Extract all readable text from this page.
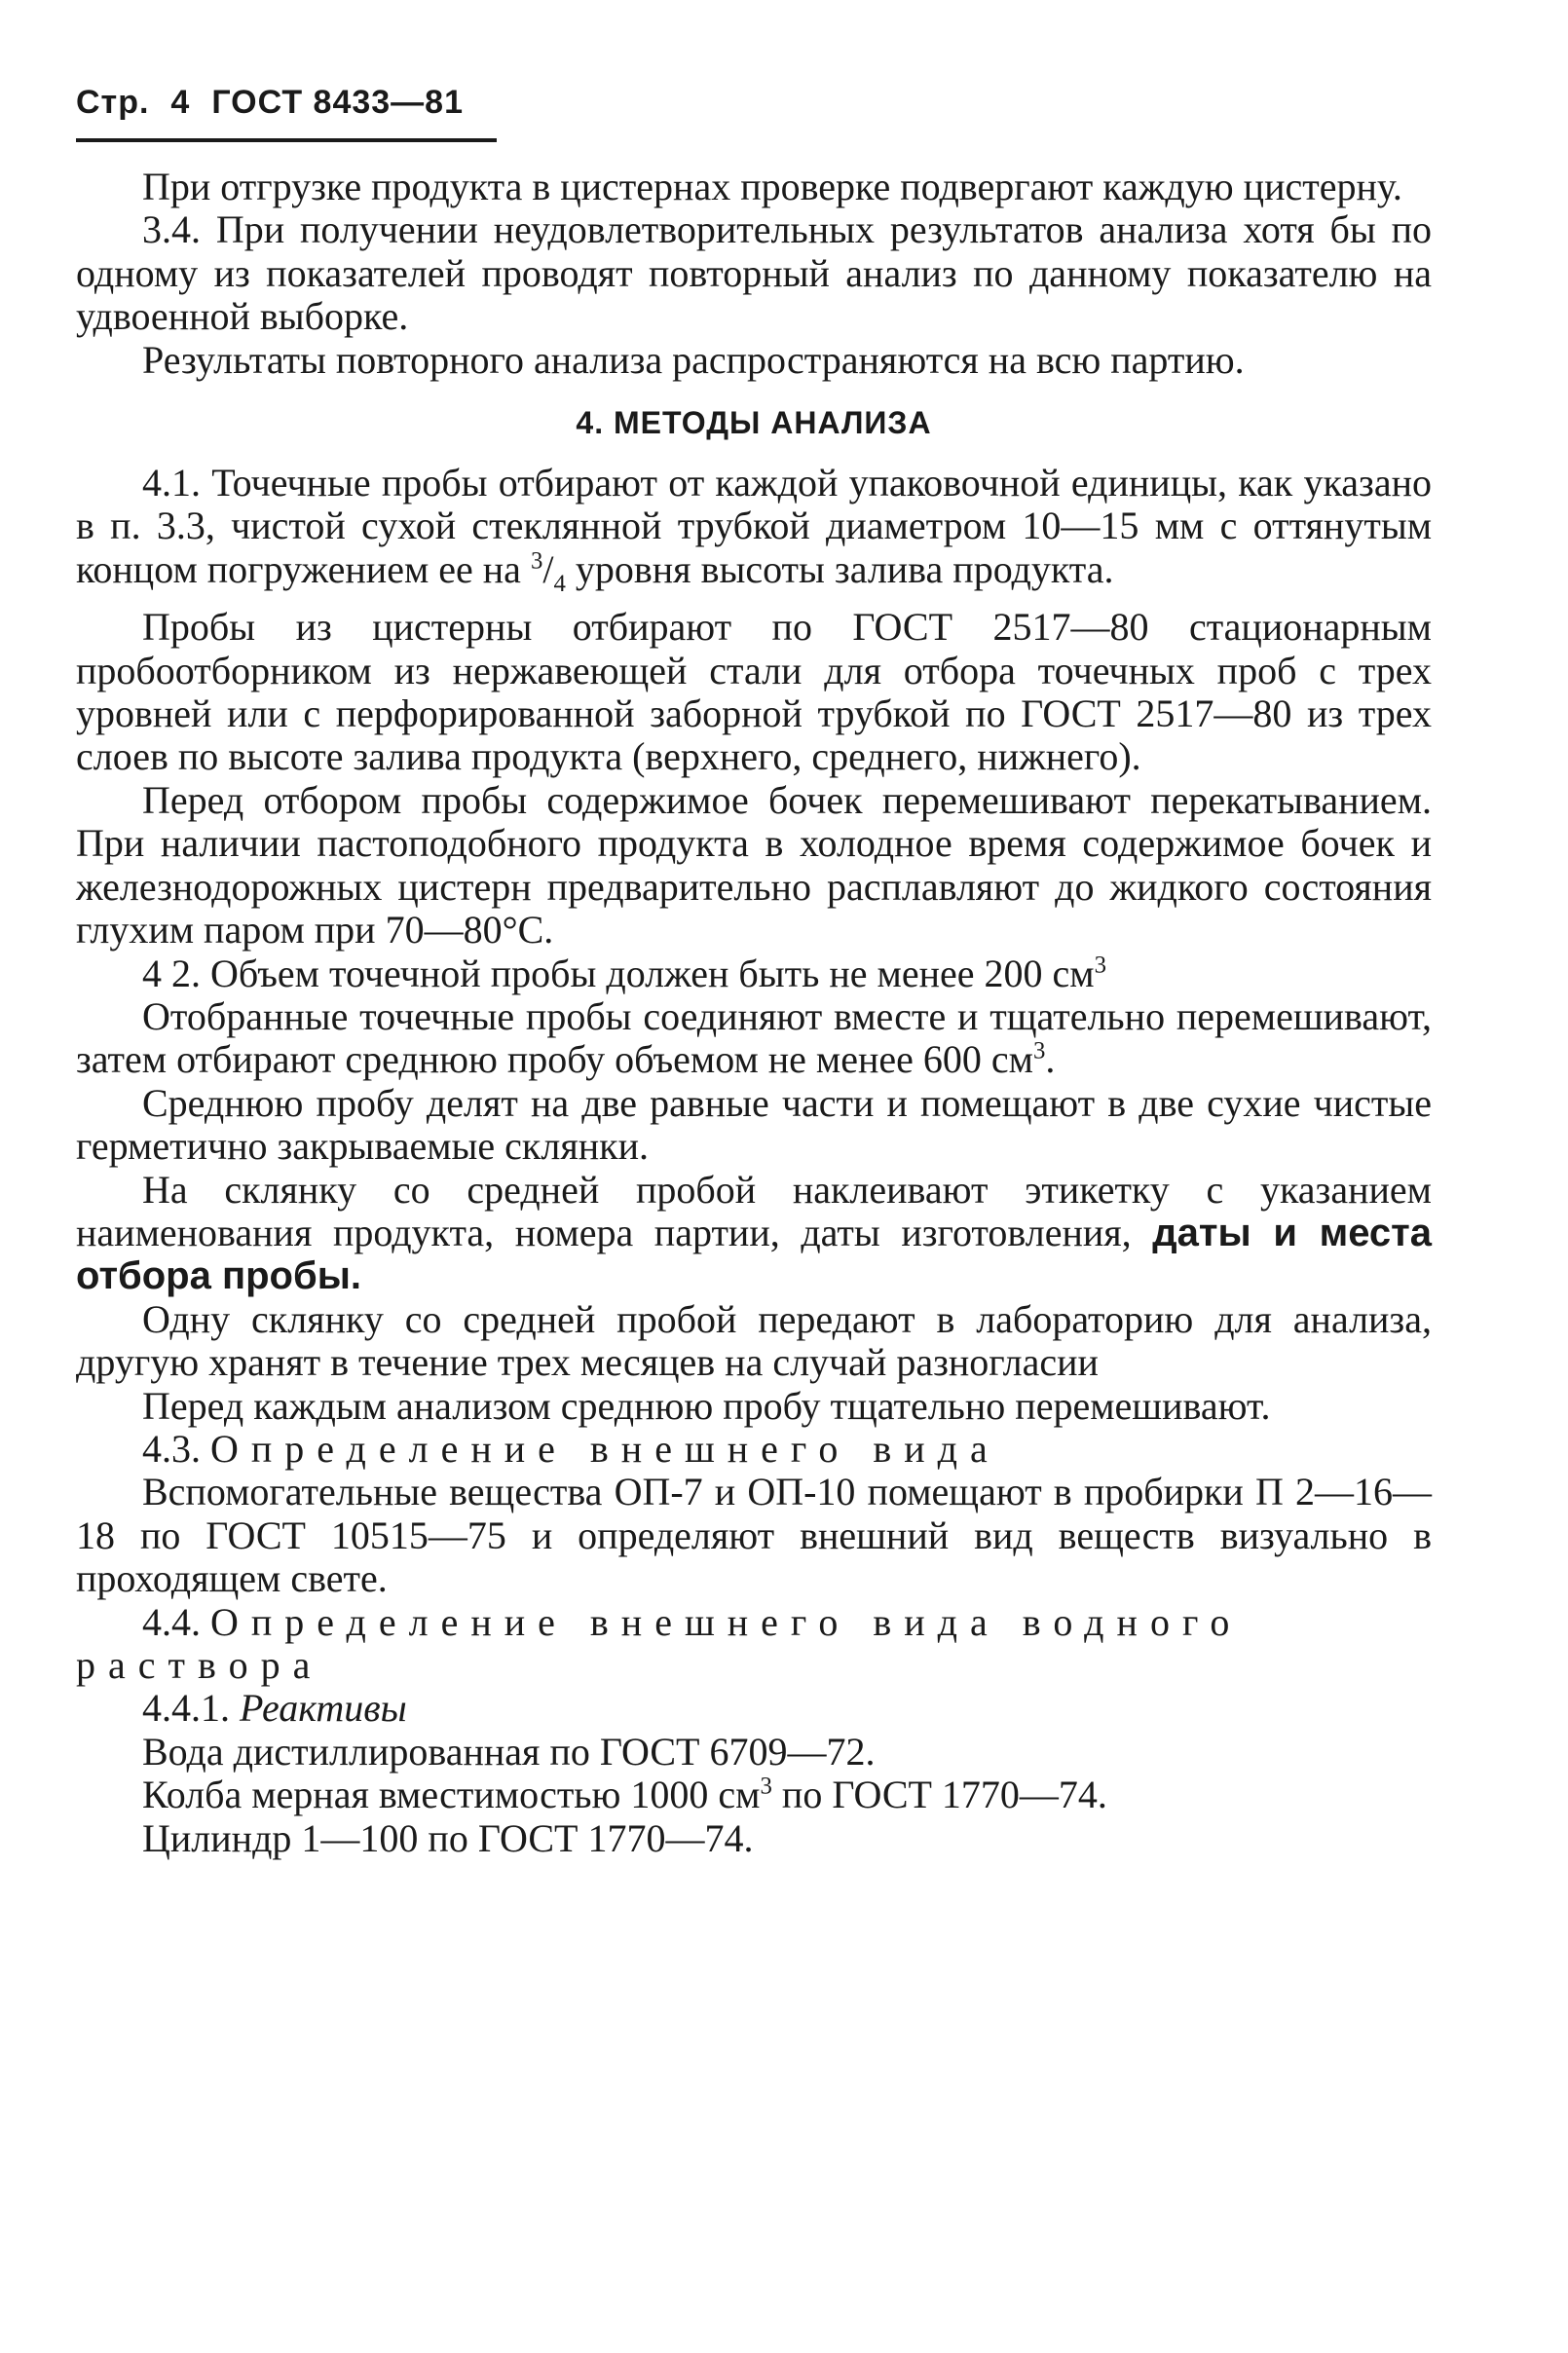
Стр. 4 ГОСТ 8433—81

При отгрузке продукта в цистернах проверке подвергают каждую цистерну.

3.4. При получении неудовлетворительных результатов анализа хотя бы по одному из показателей проводят повторный анализ по данному показателю на удвоенной выборке.

Результаты повторного анализа распространяются на всю партию.

4. МЕТОДЫ АНАЛИЗА

4.1. Точечные пробы отбирают от каждой упаковочной единицы, как указано в п. 3.3, чистой сухой стеклянной трубкой диаметром 10—15 мм с оттянутым концом погружением ее на $^3/_4$ уровня высоты залива продукта.

Пробы из цистерны отбирают по ГОСТ 2517—80 стационарным пробоотборником из нержавеющей стали для отбора точечных проб с трех уровней или с перфорированной заборной трубкой по ГОСТ 2517—80 из трех слоев по высоте залива продукта (верхнего, среднего, нижнего).

Перед отбором пробы содержимое бочек перемешивают перекатыванием. При наличии пастоподобного продукта в холодное время содержимое бочек и железнодорожных цистерн предварительно расплавляют до жидкого состояния глухим паром при 70—80°С.

4 2. Объем точечной пробы должен быть не менее 200 $см^3$

Отобранные точечные пробы соединяют вместе и тщательно перемешивают, затем отбирают среднюю пробу объемом не менее 600 $см^3$.

Среднюю пробу делят на две равные части и помещают в две сухие чистые герметично закрываемые склянки.

На склянку со средней пробой наклеивают этикетку с указанием наименования продукта, номера партии, даты изготовления, даты и места отбора пробы.

Одну склянку со средней пробой передают в лабораторию для анализа, другую хранят в течение трех месяцев на случай разногласии

Перед каждым анализом среднюю пробу тщательно перемешивают.

4.3. Определение внешнего вида

Вспомогательные вещества ОП-7 и ОП-10 помещают в пробирки П 2—16—18 по ГОСТ 10515—75 и определяют внешний вид веществ визуально в проходящем свете.

4.4. Определение внешнего вида водного раствора

4.4.1. Реактивы

Вода дистиллированная по ГОСТ 6709—72.

Колба мерная вместимостью 1000 $см^3$ по ГОСТ 1770—74.

Цилиндр 1—100 по ГОСТ 1770—74.
